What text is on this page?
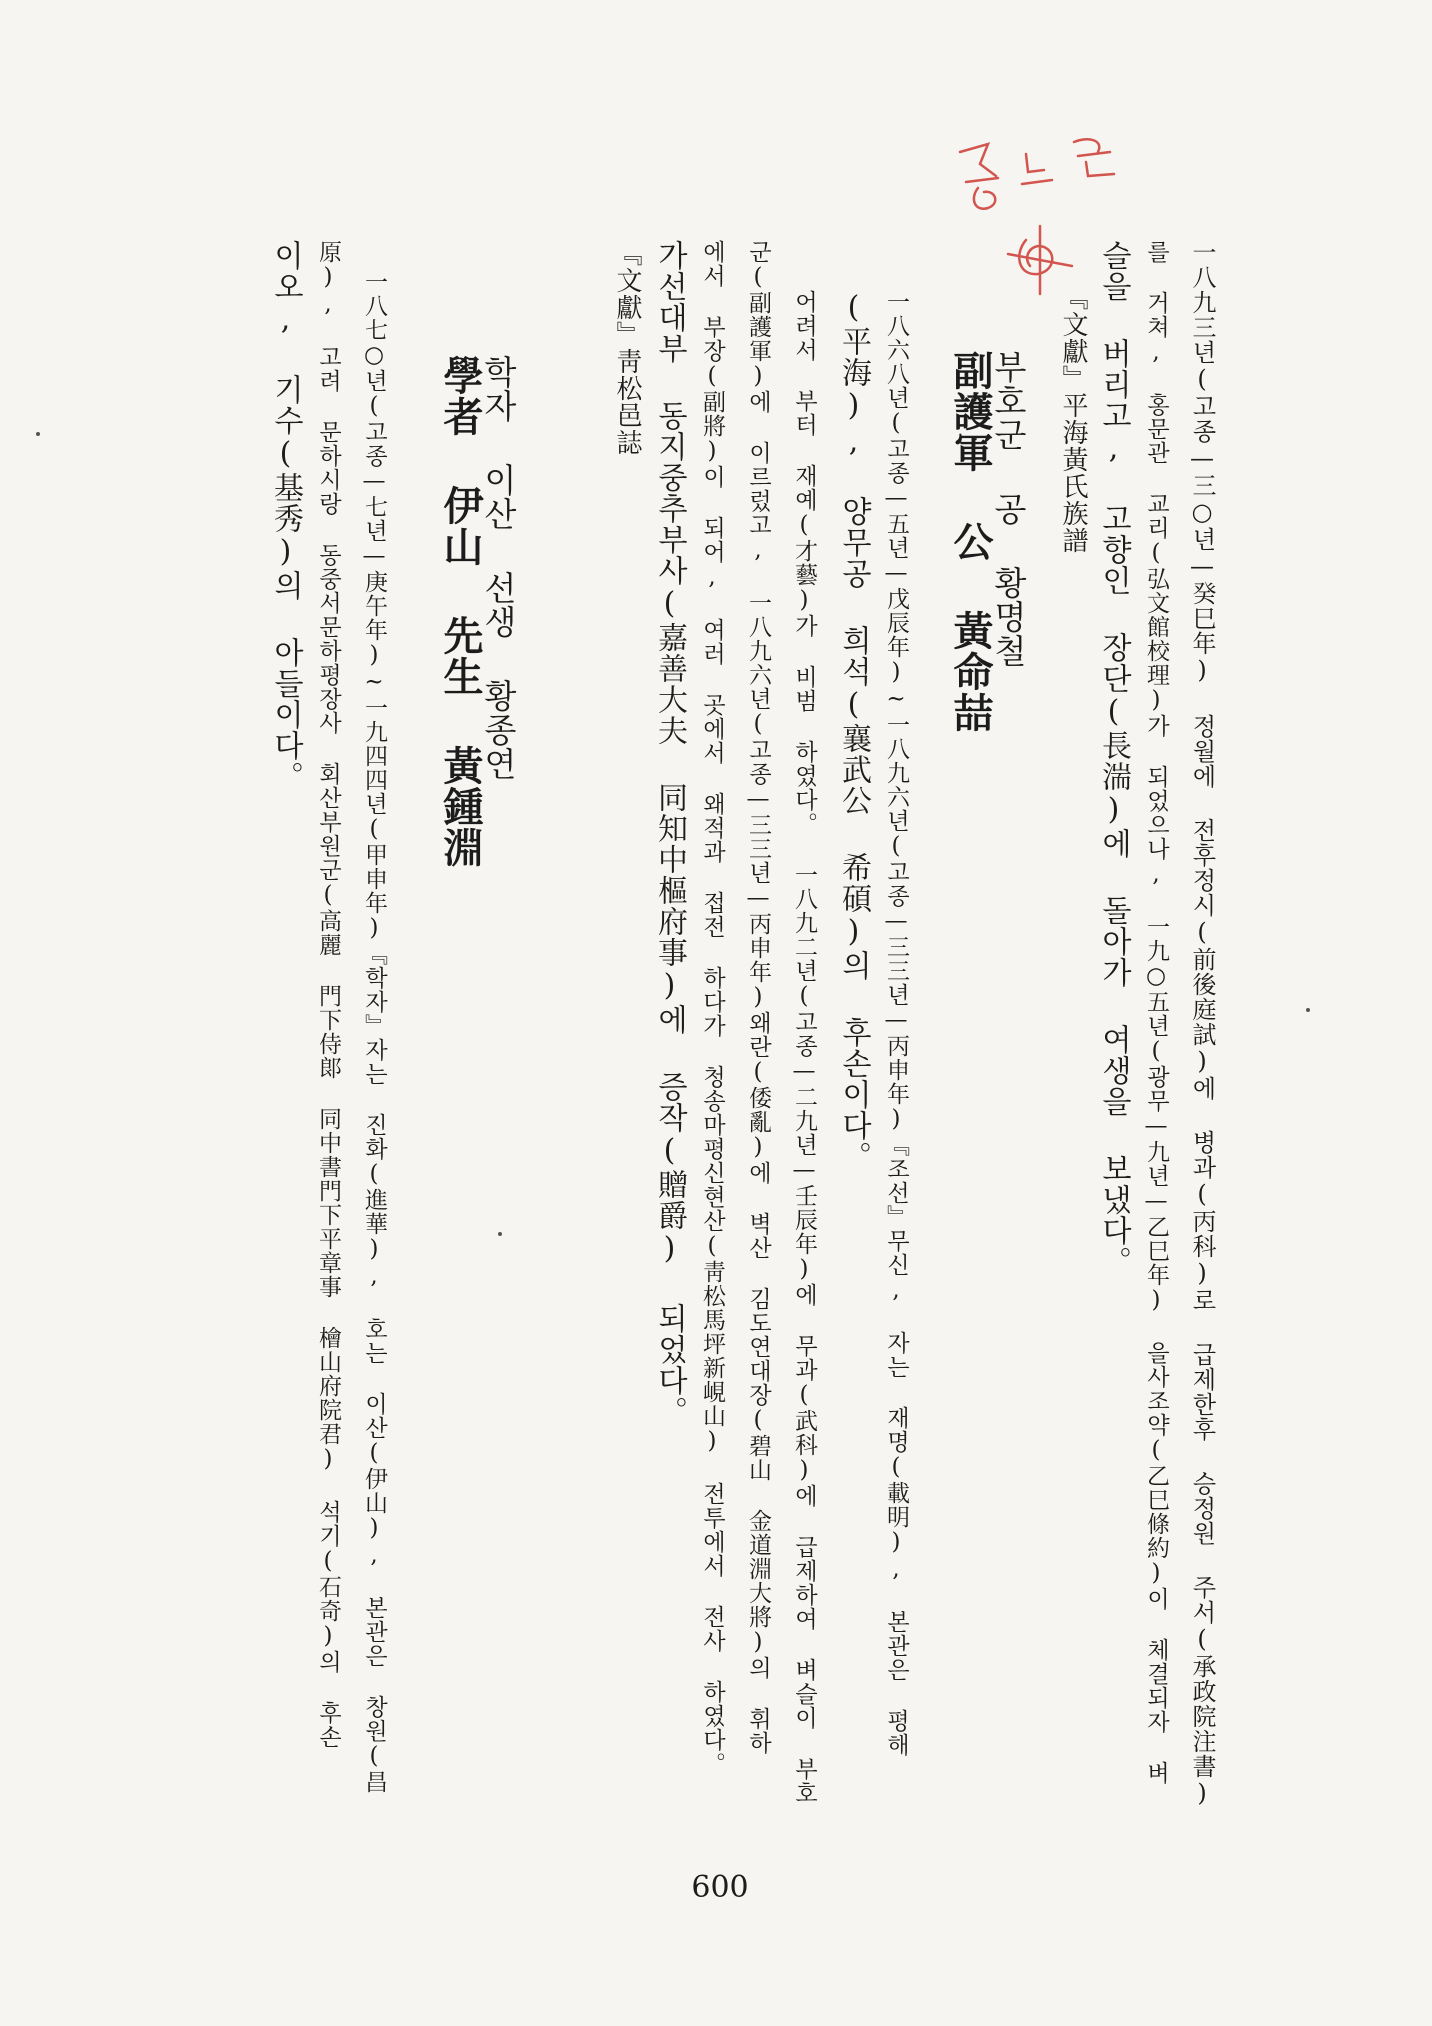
一八九三년(고종—三○년—癸巳年) 정월에 전후정시(前後庭試)에 병과(丙科)로 급제한후 승정원 주서(承政院注書)
를 거쳐, 홍문관 교리(弘文館校理)가 되었으나, 一九○五년(광무—九년—乙巳年) 을사조약(乙巳條約)이 체결되자 벼
슬을 버리고, 고향인 장단(長湍)에 돌아가 여생을 보냈다。
『文獻』平海黃氏族譜
부호군 공 황명철
副護軍 公 黃命喆
一八六八년(고종—五년—戊辰年)~一八九六년(고종—三三년—丙申年)『조선』무신, 자는 재명(載明), 본관은 평해
(平海), 양무공 희석(襄武公 希碩)의 후손이다。
어려서 부터 재예(才藝)가 비범 하였다。 一八九二년(고종—二九년—壬辰年)에 무과(武科)에 급제하여 벼슬이 부호
군(副護軍)에 이르렀고, 一八九六년(고종—三三년—丙申年)왜란(倭亂)에 벽산 김도연대장(碧山 金道淵大將)의 휘하
에서 부장(副將)이 되어, 여러 곳에서 왜적과 접전 하다가 청송마평신현산(靑松馬坪新峴山) 전투에서 전사 하였다。
가선대부 동지중추부사(嘉善大夫 同知中樞府事)에 증작(贈爵) 되었다。
『文獻』靑松邑誌
학자 이산 선생 황종연
學者 伊山 先生 黃鍾淵
一八七○년(고종—七년—庚午年)~一九四四년(甲申年)『학자』자는 진화(進華), 호는 이산(伊山), 본관은 창원(昌
原), 고려 문하시랑 동중서문하평장사 회산부원군(高麗 門下侍郞 同中書門下平章事 檜山府院君) 석기(石奇)의 후손
이오, 기수(基秀)의 아들이다。
600
